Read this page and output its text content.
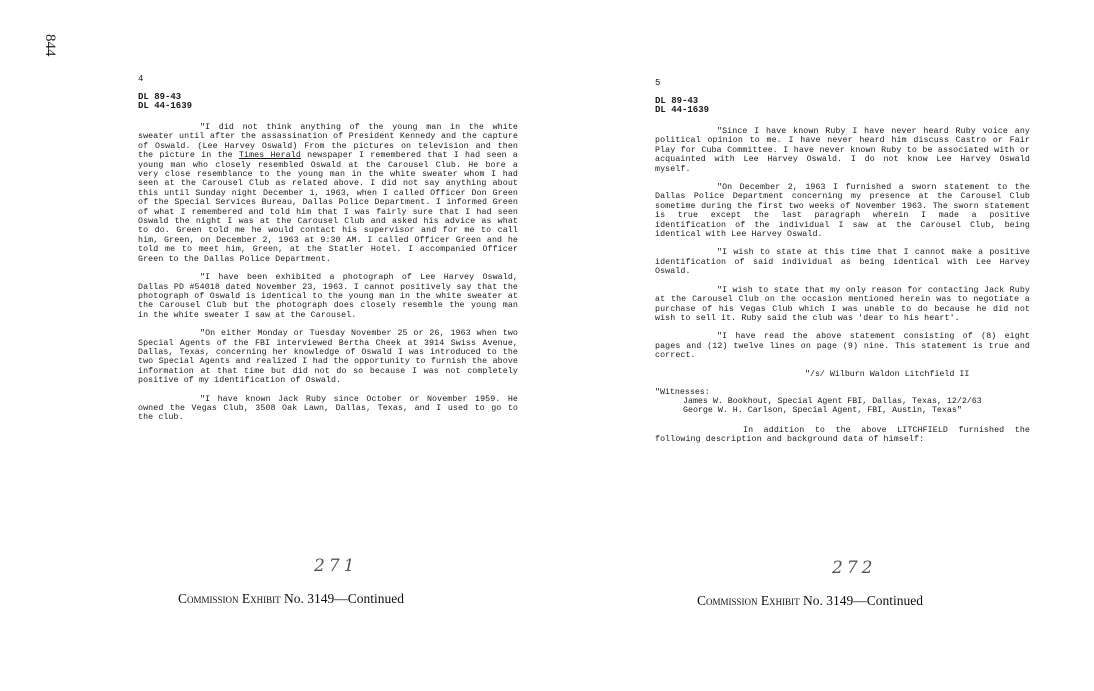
844
4
DL 89-43
DL 44-1639

"I did not think anything of the young man in the white sweater until after the assassination of President Kennedy and the capture of Oswald. (Lee Harvey Oswald) From the pictures on television and then the picture in the Times Herald newspaper I remembered that I had seen a young man who closely resembled Oswald at the Carousel Club. He bore a very close resemblance to the young man in the white sweater whom I had seen at the Carousel Club as related above. I did not say anything about this until Sunday night December 1, 1963, when I called Officer Don Green of the Special Services Bureau, Dallas Police Department. I informed Green of what I remembered and told him that I was fairly sure that I had seen Oswald the night I was at the Carousel Club and asked his advice as what to do. Green told me he would contact his supervisor and for me to call him, Green, on December 2, 1963 at 9:30 AM. I called Officer Green and he told me to meet him, Green, at the Statler Hotel. I accompanied Officer Green to the Dallas Police Department.

"I have been exhibited a photograph of Lee Harvey Oswald, Dallas PD #54018 dated November 23, 1963. I cannot positively say that the photograph of Oswald is identical to the young man in the white sweater at the Carousel Club but the photograph does closely resemble the young man in the white sweater I saw at the Carousel.

"On either Monday or Tuesday November 25 or 26, 1963 when two Special Agents of the FBI interviewed Bertha Cheek at 3914 Swiss Avenue, Dallas, Texas, concerning her knowledge of Oswald I was introduced to the two Special Agents and realized I had the opportunity to furnish the above information at that time but did not do so because I was not completely positive of my identification of Oswald.

"I have known Jack Ruby since October or November 1959. He owned the Vegas Club, 3508 Oak Lawn, Dallas, Texas, and I used to go to the club.

271
Commission Exhibit No. 3149—Continued
5
DL 89-43
DL 44-1639

"Since I have known Ruby I have never heard Ruby voice any political opinion to me. I have never heard him discuss Castro or Fair Play for Cuba Committee. I have never known Ruby to be associated with or acquainted with Lee Harvey Oswald. I do not know Lee Harvey Oswald myself.

"On December 2, 1963 I furnished a sworn statement to the Dallas Police Department concerning my presence at the Carousel Club sometime during the first two weeks of November 1963. The sworn statement is true except the last paragraph wherein I made a positive identification of the individual I saw at the Carousel Club, being identical with Lee Harvey Oswald.

"I wish to state at this time that I cannot make a positive identification of said individual as being identical with Lee Harvey Oswald.

"I wish to state that my only reason for contacting Jack Ruby at the Carousel Club on the occasion mentioned herein was to negotiate a purchase of his Vegas Club which I was unable to do because he did not wish to sell it. Ruby said the club was 'dear to his heart'.

"I have read the above statement consisting of (8) eight pages and (12) twelve lines on page (9) nine. This statement is true and correct.

"/s/ Wilburn Waldon Litchfield II
"Witnesses:
James W. Bookhout, Special Agent FBI, Dallas, Texas, 12/2/63
George W. H. Carlson, Special Agent, FBI, Austin, Texas"

In addition to the above LITCHFIELD furnished the following description and background data of himself:

272
Commission Exhibit No. 3149—Continued
